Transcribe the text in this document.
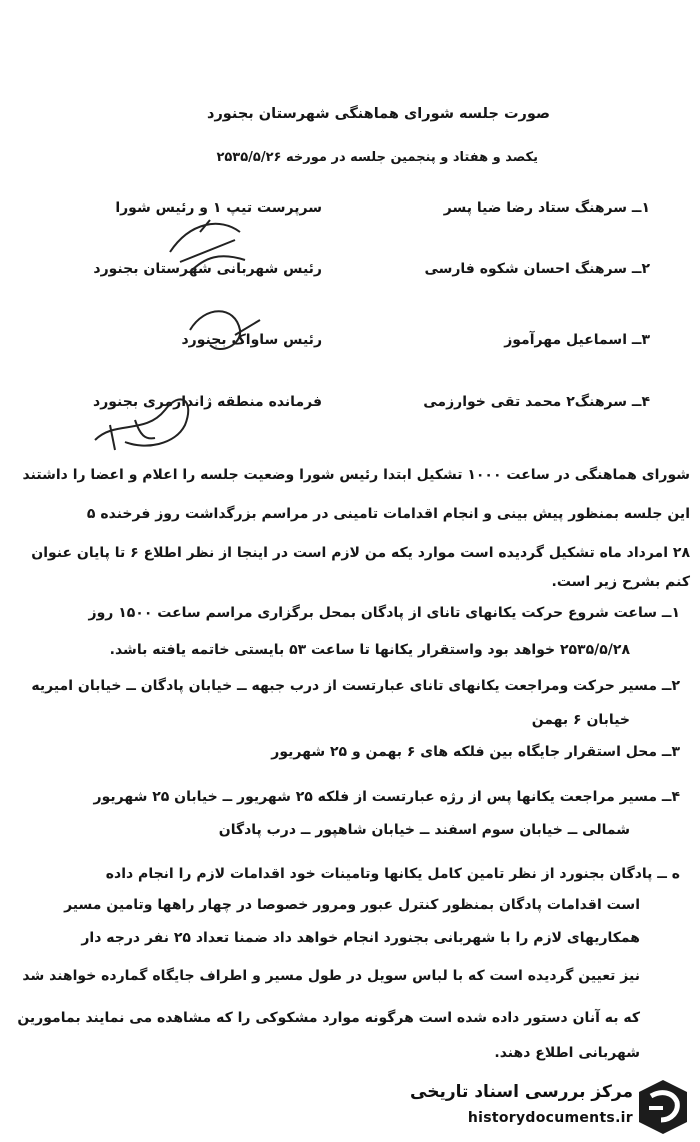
صورت جلسه شورای هماهنگی شهرستان بجنورد
یکصد و هفتاد و پنجمین جلسه در مورخه ۲۵۳۵/۵/۲۶
۱ــ سرهنگ ستاد رضا ضیا پسر
سرپرست تیپ ۱ و رئیس شورا
۲ــ سرهنگ احسان شکوه فارسی
رئیس شهربانی شهرستان بجنورد
۳ــ اسماعیل مهرآموز
رئیس ساواک بجنورد
۴ــ سرهنگ۲ محمد تقی خوارزمی
فرمانده منطقه ژاندارمری بجنورد
شورای هماهنگی در ساعت ۱۰۰۰ تشکیل ابتدا رئیس شورا وضعیت جلسه را اعلام و اعضا را داشتند
این جلسه بمنظور پیش بینی و انجام اقدامات تامینی در مراسم بزرگداشت روز فرخنده ۵
۲۸ امرداد ماه تشکیل گردیده است موارد یکه من لازم است در اینجا از نظر اطلاع ۶ تا پایان عنوان
کنم بشرح زیر است.
۱ــ ساعت شروع حرکت یکانهای تانای از پادگان بمحل برگزاری مراسم ساعت ۱۵۰۰ روز
۲۵۳۵/۵/۲۸ خواهد بود واستقرار یکانها تا ساعت ۵۳ بایستی خاتمه یافته باشد.
۲ــ مسیر حرکت ومراجعت یکانهای تانای عبارتست از درب جبهه ــ خیابان پادگان ــ خیابان امیریه
خیابان ۶ بهمن
۳ــ محل استقرار جایگاه بین فلکه های ۶ بهمن و ۲۵ شهریور
۴ــ مسیر مراجعت یکانها پس از رژه عبارتست از فلکه ۲۵ شهریور ــ خیابان ۲۵ شهریور
شمالی ــ خیابان سوم اسفند ــ خیابان شاهپور ــ درب پادگان
ه ــ پادگان بجنورد از نظر تامین کامل یکانها وتامینات خود اقدامات لازم را انجام داده
است اقدامات پادگان بمنظور کنترل عبور ومرور خصوصا در چهار راهها وتامین مسیر
همکاریهای لازم را با شهربانی بجنورد انجام خواهد داد ضمنا تعداد ۲۵ نفر درجه دار
نیز تعیین گردیده است که با لباس سویل در طول مسیر و اطراف جایگاه گمارده خواهند شد
که به آنان دستور داده شده است هرگونه موارد مشکوکی را که مشاهده می نمایند بمامورین
شهربانی اطلاع دهند.
مرکز بررسی اسناد تاریخی
historydocuments.ir
